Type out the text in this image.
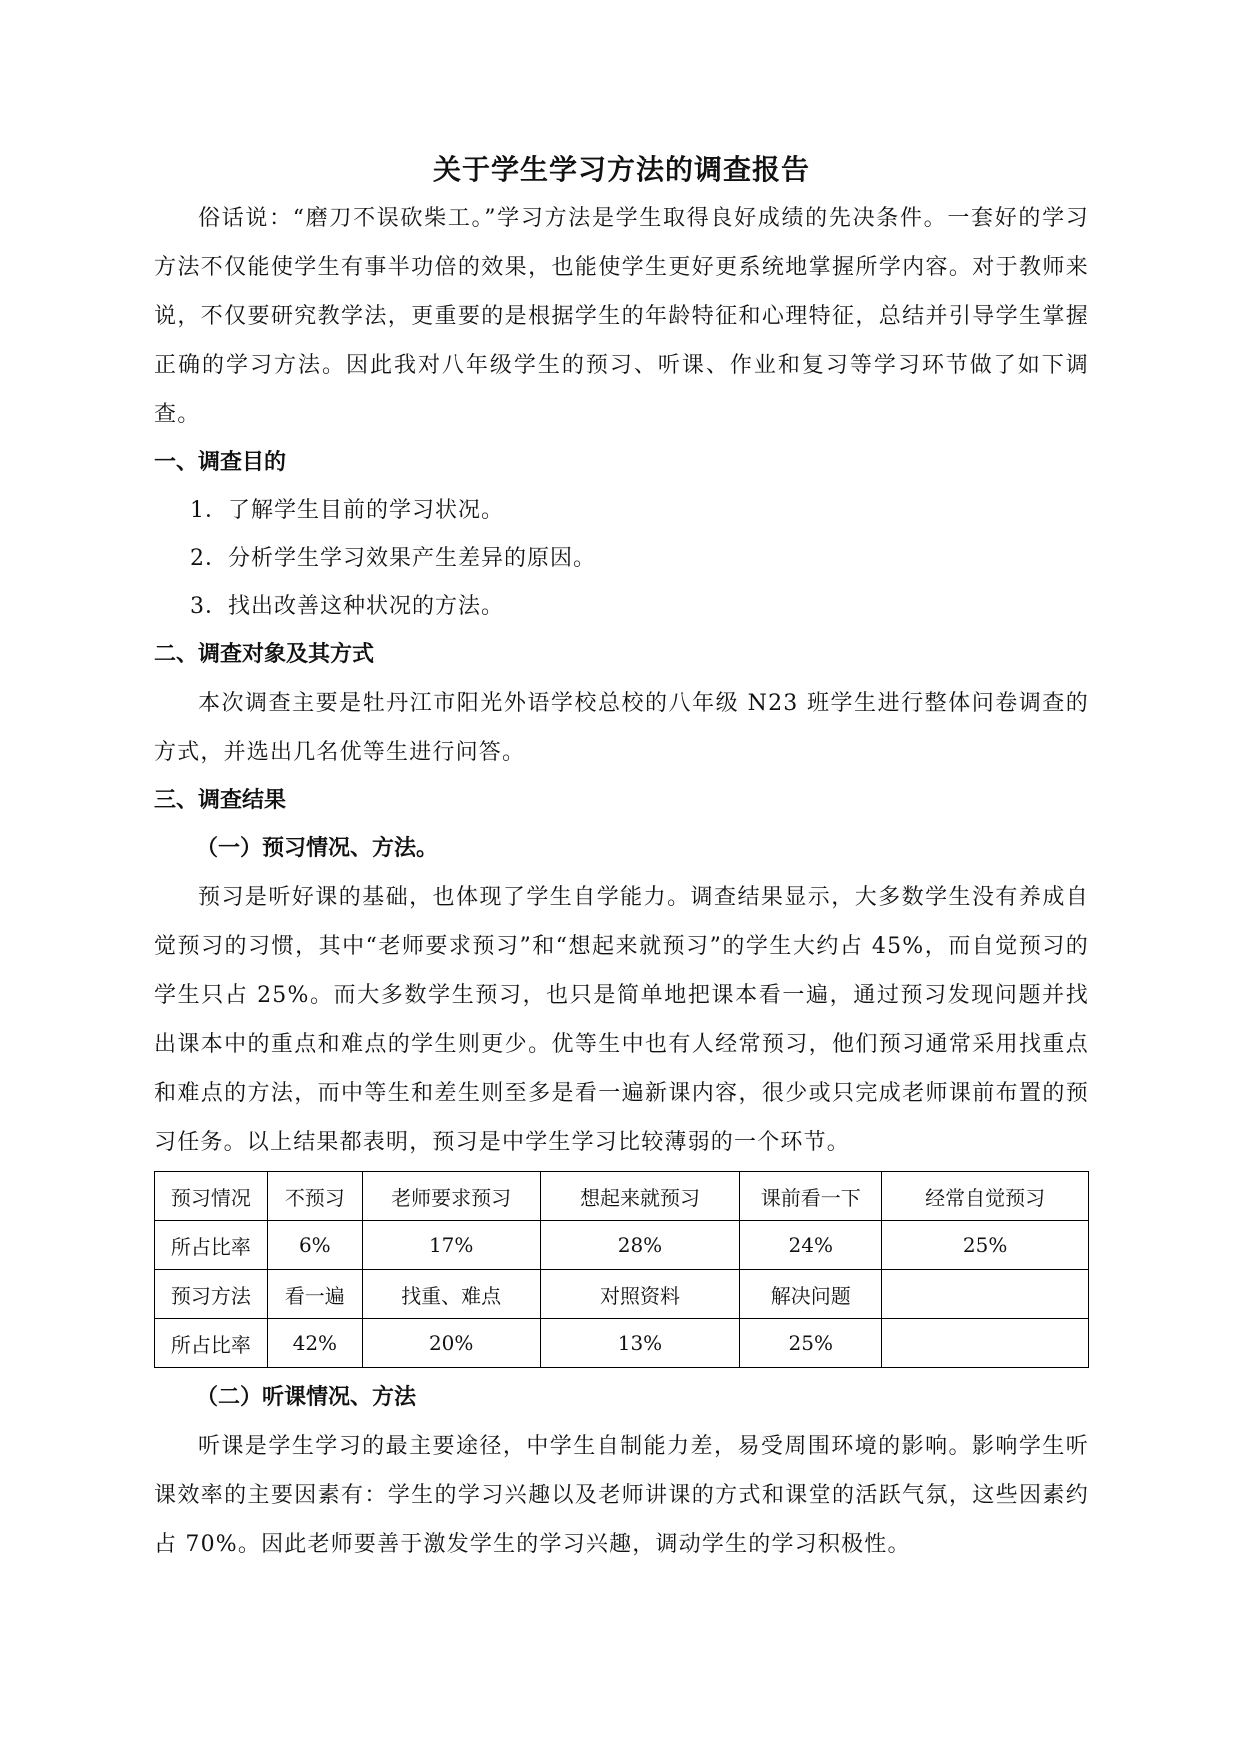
关于学生学习方法的调查报告

俗话说：“磨刀不误砍柴工。”学习方法是学生取得良好成绩的先决条件。一套好的学习方法不仅能使学生有事半功倍的效果，也能使学生更好更系统地掌握所学内容。对于教师来说，不仅要研究教学法，更重要的是根据学生的年龄特征和心理特征，总结并引导学生掌握正确的学习方法。因此我对八年级学生的预习、听课、作业和复习等学习环节做了如下调查。

一、调查目的

1．了解学生目前的学习状况。

2．分析学生学习效果产生差异的原因。

3．找出改善这种状况的方法。

二、调查对象及其方式

本次调查主要是牡丹江市阳光外语学校总校的八年级 N23 班学生进行整体问卷调查的方式，并选出几名优等生进行问答。

三、调查结果
（一）预习情况、方法。

预习是听好课的基础，也体现了学生自学能力。调查结果显示，大多数学生没有养成自觉预习的习惯，其中“老师要求预习”和“想起来就预习”的学生大约占 45%，而自觉预习的学生只占 25%。而大多数学生预习，也只是简单地把课本看一遍，通过预习发现问题并找出课本中的重点和难点的学生则更少。优等生中也有人经常预习，他们预习通常采用找重点和难点的方法，而中等生和差生则至多是看一遍新课内容，很少或只完成老师课前布置的预习任务。以上结果都表明，预习是中学生学习比较薄弱的一个环节。

预习情况	不预习	老师要求预习	想起来就预习	课前看一下	经常自觉预习
所占比率	6%	17%	28%	24%	25%
预习方法	看一遍	找重、难点	对照资料	解决问题	
所占比率	42%	20%	13%	25%	
（二）听课情况、方法

听课是学生学习的最主要途径，中学生自制能力差，易受周围环境的影响。影响学生听课效率的主要因素有：学生的学习兴趣以及老师讲课的方式和课堂的活跃气氛，这些因素约占 70%。因此老师要善于激发学生的学习兴趣，调动学生的学习积极性。
